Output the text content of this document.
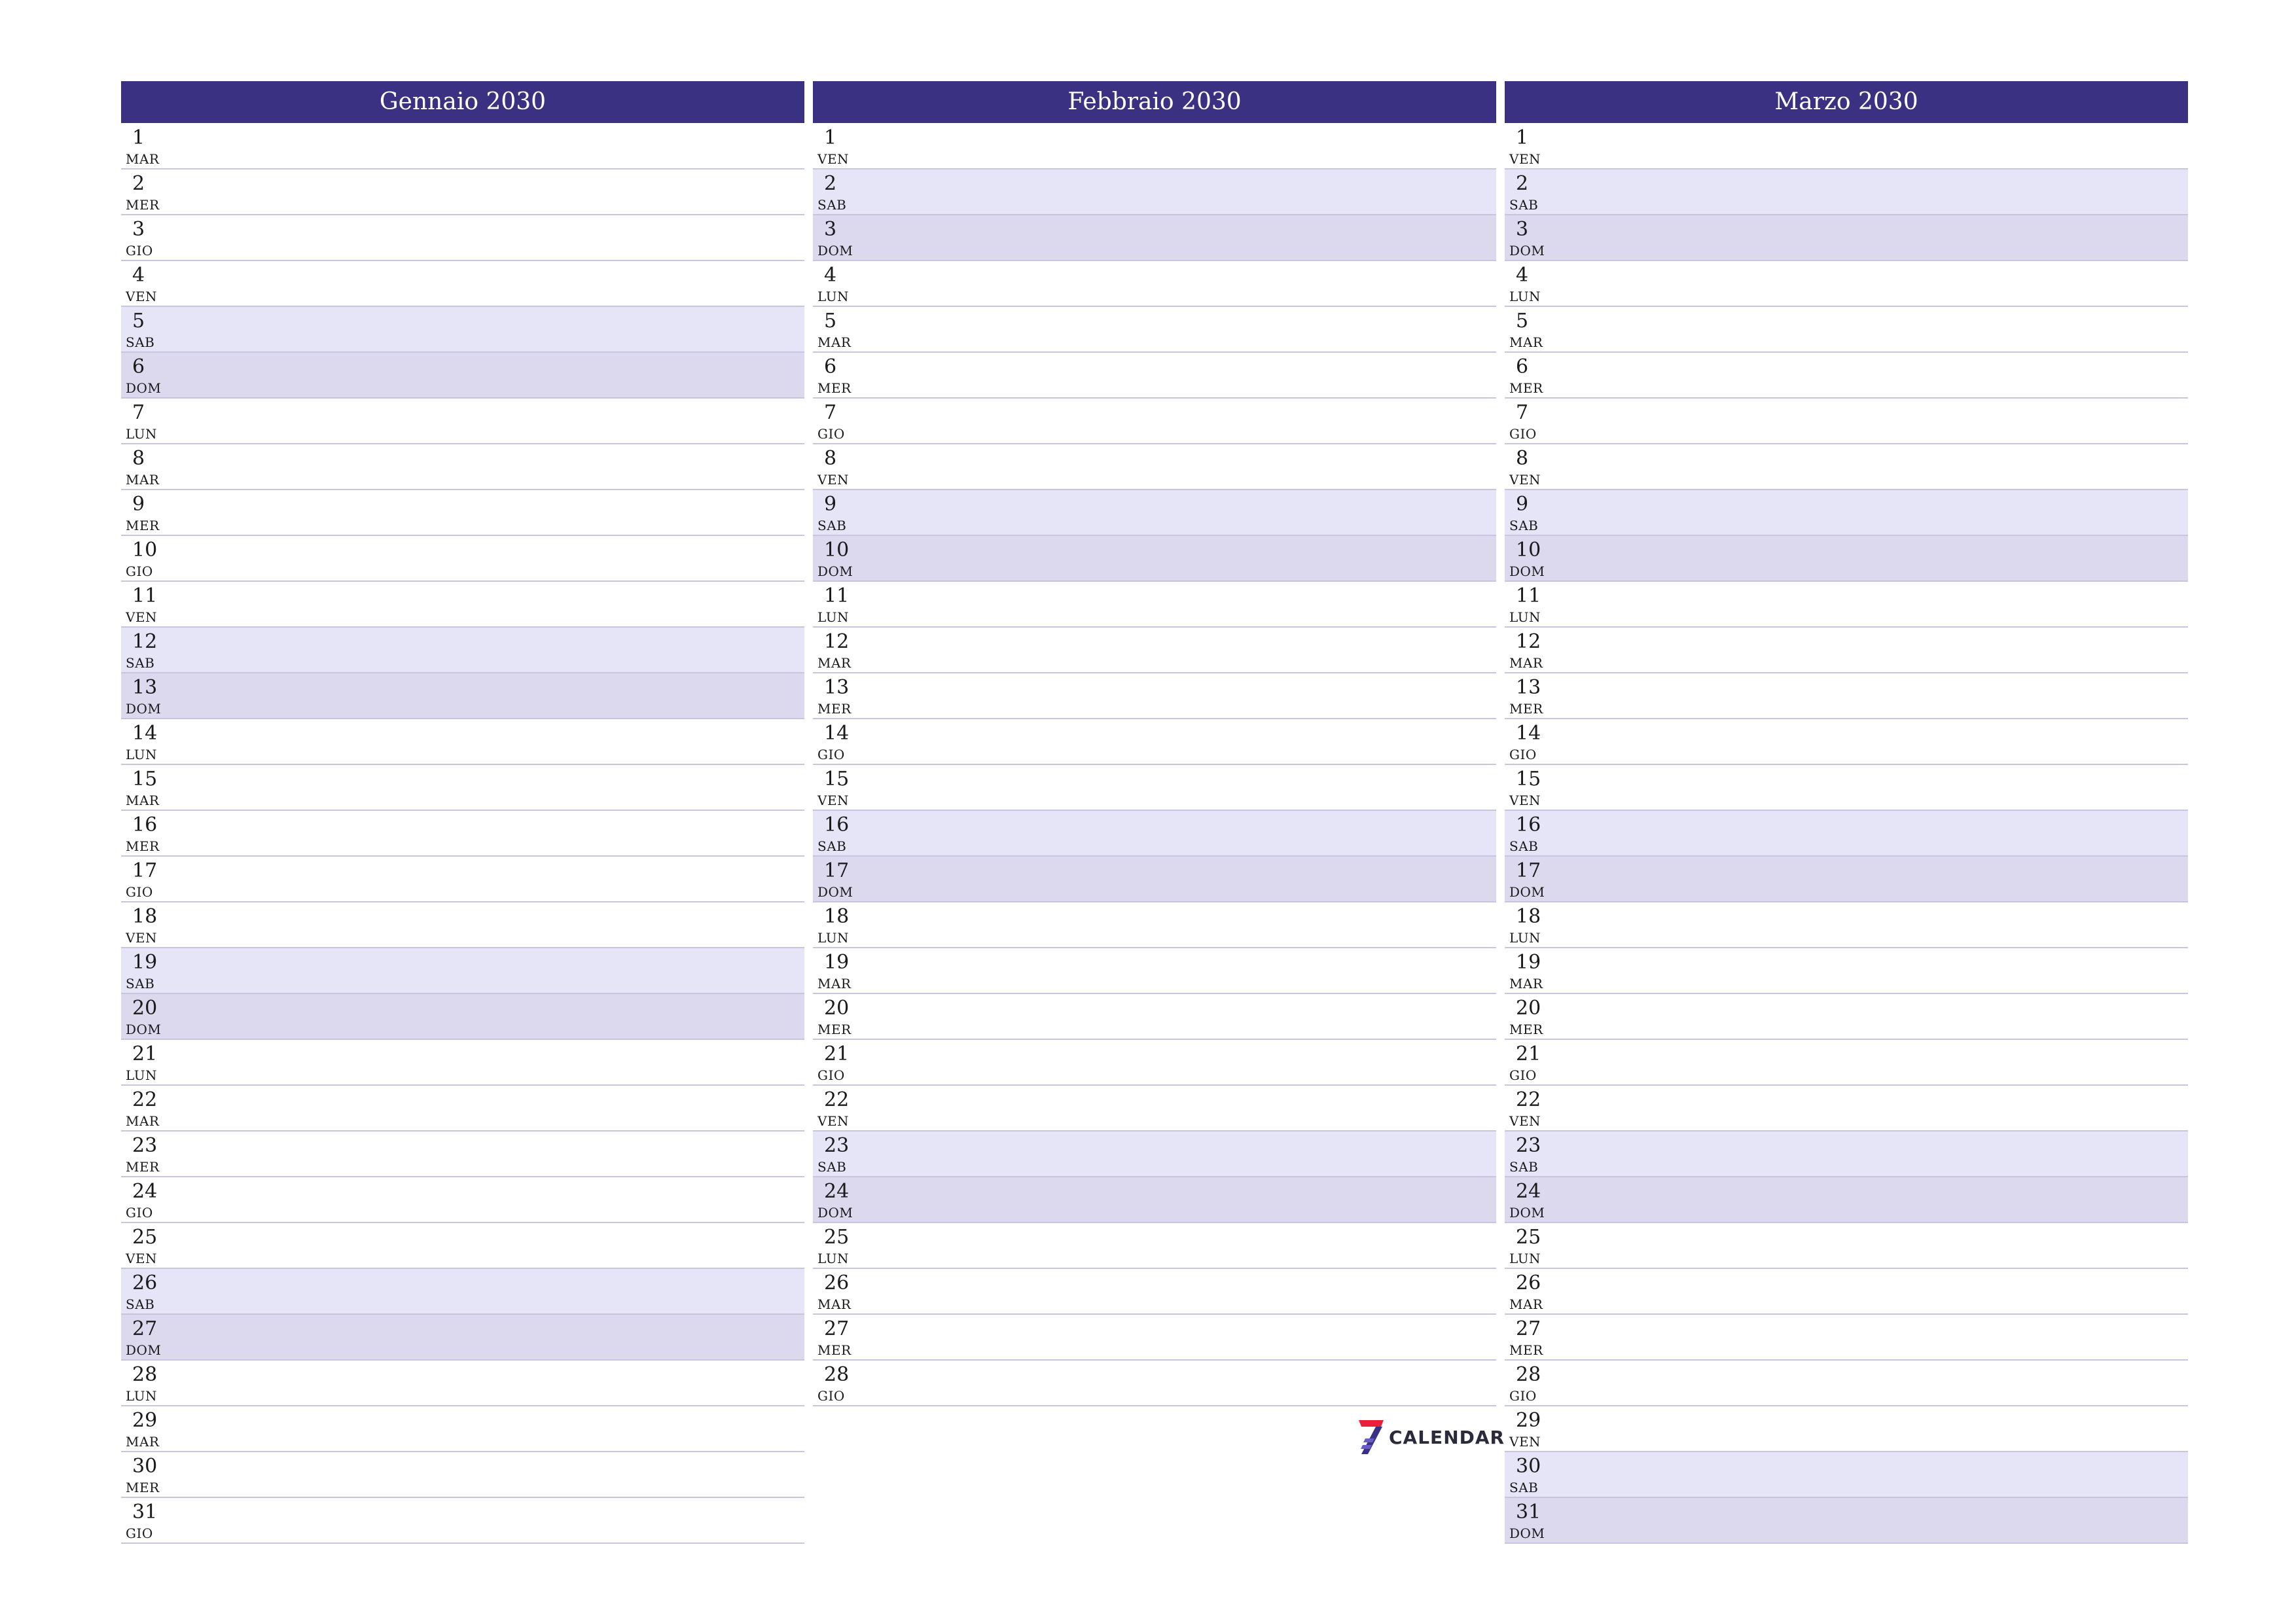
Gennaio 2030
1
MAR
2
MER
3
GIO
4
VEN
5
SAB
6
DOM
7
LUN
8
MAR
9
MER
10
GIO
11
VEN
12
SAB
13
DOM
14
LUN
15
MAR
16
MER
17
GIO
18
VEN
19
SAB
20
DOM
21
LUN
22
MAR
23
MER
24
GIO
25
VEN
26
SAB
27
DOM
28
LUN
29
MAR
30
MER
31
GIO
Febbraio 2030
1
VEN
2
SAB
3
DOM
4
LUN
5
MAR
6
MER
7
GIO
8
VEN
9
SAB
10
DOM
11
LUN
12
MAR
13
MER
14
GIO
15
VEN
16
SAB
17
DOM
18
LUN
19
MAR
20
MER
21
GIO
22
VEN
23
SAB
24
DOM
25
LUN
26
MAR
27
MER
28
GIO
Marzo 2030
1
VEN
2
SAB
3
DOM
4
LUN
5
MAR
6
MER
7
GIO
8
VEN
9
SAB
10
DOM
11
LUN
12
MAR
13
MER
14
GIO
15
VEN
16
SAB
17
DOM
18
LUN
19
MAR
20
MER
21
GIO
22
VEN
23
SAB
24
DOM
25
LUN
26
MAR
27
MER
28
GIO
29
VEN
30
SAB
31
DOM
CALENDAR
